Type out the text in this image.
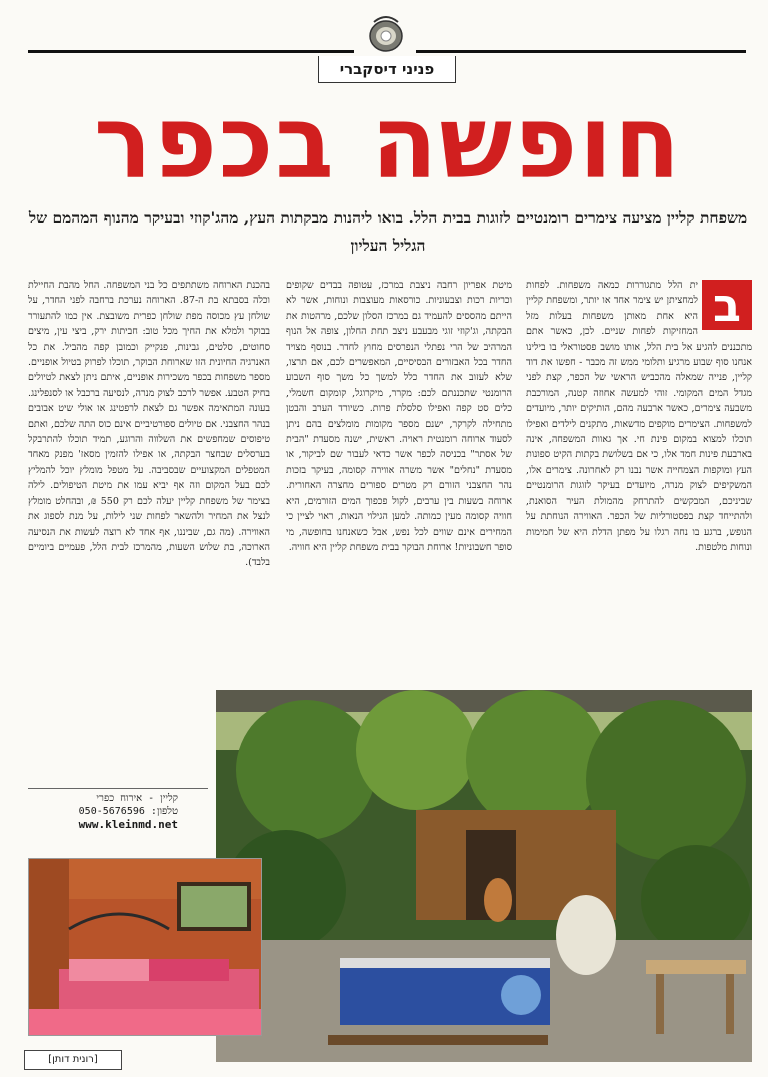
פניני דיסקברי
חופשה בכפר
משפחת קליין מציעה צימרים רומנטיים לזוגות בבית הלל. בואו ליהנות מבקתות העץ, מהג'קוזי ובעיקר מהנוף המהמם של הגליל העליון
ב

ית הלל מתגוררות כמאה משפחות. לפחות למחציתן יש צימר אחד או יותר, ומשפחת קליין היא אחת מאותן משפחות בעלות מזל המחזיקות לפחות שניים. לכן, כאשר אתם מתכננים להגיע אל בית הלל, אותו מושב פסטוראלי בו בילינו אנחנו סוף שבוע מרגיע ותלומי ממש זה מכבר - חפשו את דוד קליין, פנייה שמאלה מהכביש הראשי של הכפר, קצת לפני מגדל המים המקומי. זוהי למעשה אחוזה קטנה, המורכבת משבעה צימרים, כאשר ארבעה מהם, הותיקים יותר, מיועדים למשפחות. הצימרים מוקפים מדשאות, מתקנים לילדים ואפילו תוכלו למצוא במקום פינת חי. אך גאוות המשפחה, אינה בארבעת פינות חמד אלו, כי אם בשלושת בקתות הקיט ספונות העץ ומוקפות הצמחייה אשר נבנו רק לאחרונה. צימרים אלו, המשקיפים לצוק מנרה, מיועדים בעיקר לזוגות הרומנטיים שביניכם, המבקשים להתרחק מהמולת העיר הסואנת, ולהתייחד קצת בפסטורליות של הכפר. האווירה הנוחתת על הנופש, ברגע בו נחה רגלו על מפתן הדלת היא של חמימות ונוחות מלטפות.

מיטת אפריון רחבה ניצבת במרכז, עטופה בבדים שקופים וכריות רכות וצבעוניות. כורסאות מעוצבות ונוחות, אשר לא הייתם מהססים להעמיד גם במרכז הסלון שלכם, מרהטות את הבקתה, וג'קוזי זוגי מבעבע ניצב תחת החלון, צופה אל הנוף המרהיב של הרי נפתלי הנפרסים מחוץ לחדר. בנוסף מצויד החדר בכל האבזורים הבסיסיים, המאפשרים לכם, אם תרצו, שלא לעזוב את החדר כלל למשך כל משך סוף השבוע הרומנטי שתכננתם לכם: מקרר, מיקרוגל, קומקום חשמלי, כלים סט קפה ואפילו סלסלת פרות. כשיורד הערב והבטן מתחילה לקרקר, ישנם מספר מקומות מומלצים בהם ניתן לסעוד ארוחה רומנטית ראויה. ראשית, ישנה מסעדת "הבית של אסתר" בכניסה לכפר אשר כדאי לעבור שם לביקור, או מסעדת "נחלים" אשר משרה אווירה קסומה, בעיקר בזכות נהר החצבני הזורם רק מטרים ספורים מחצרה האחורית. ארוחה בשעות בין ערבים, לקול פכפוך המים הזורמים, היא חוויה קסומה מעין כמותה. למען הגילוי הנאות, ראוי לציין כי המחירים אינם שווים לכל נפש, אבל כשאנחנו בחופשה, מי סופר חשבוניות! ארוחת הבוקר בבית משפחת קליין היא חוויה.

בהכנת הארוחה משתתפים כל בני המשפחה. החל מהבת החיילת וכלה בסבתא בת ה-87. הארוחה נערכת ברחבה לפני החדר, על שולחן עץ מכוסה מפת שולחן כפרית משובצת. אין כמו להתעורר בבוקר ולמלא את החיך מכל טוב: חביתות ירק, ביצי עין, מיצים סחוטים, סלטים, גבינות, פנקייק וכמובן קפה מהביל. את כל האנרגיה החיונית הזו שארוחת הבוקר, תוכלו לפרוק בטיול אופניים. מספר משפחות בכפר משכירות אופניים, איתם ניתן לצאת לטיולים בחיק הטבע. אפשר לרכב לצוק מנרה, לנסיעה ברכבל או לסנפלינג. בעונה המתאימה אפשר גם לצאת לרפטינג או אולי שיט אבובים בנהר החצבני. אם טיולים ספורטיביים אינם כוס התה שלכם, ואתם טיפוסים שמחפשים את השלווה והרוגע, תמיד תוכלו להתרבקל בערסלים שבחצר הבקתה, או אפילו להזמין מסאז' מפנק מאחד המטפלים המקצועיים שבסביבה. על מטפל מומלץ יוכל להמליץ לכם בעל המקום וזה אף יביא עמו את מיטת הטיפולים. לילה בצימר של משפחת קליין יעלה לכם רק 550 ₪, ובהחלט מומלץ לנצל את המחיר ולהשאר לפחות שני לילות, על מנת לספוג את האווירה. (מה גם, שביננו, אף אחד לא רוצה לעשות את הנסיעה הארוכה, בת שלוש השעות, מהמרכז לבית הלל, פעמיים ביומיים בלבד).

קליין - אירוח כפרי
טלפון: 050-5676596
www.kleinmd.net
[רונית דותן]
